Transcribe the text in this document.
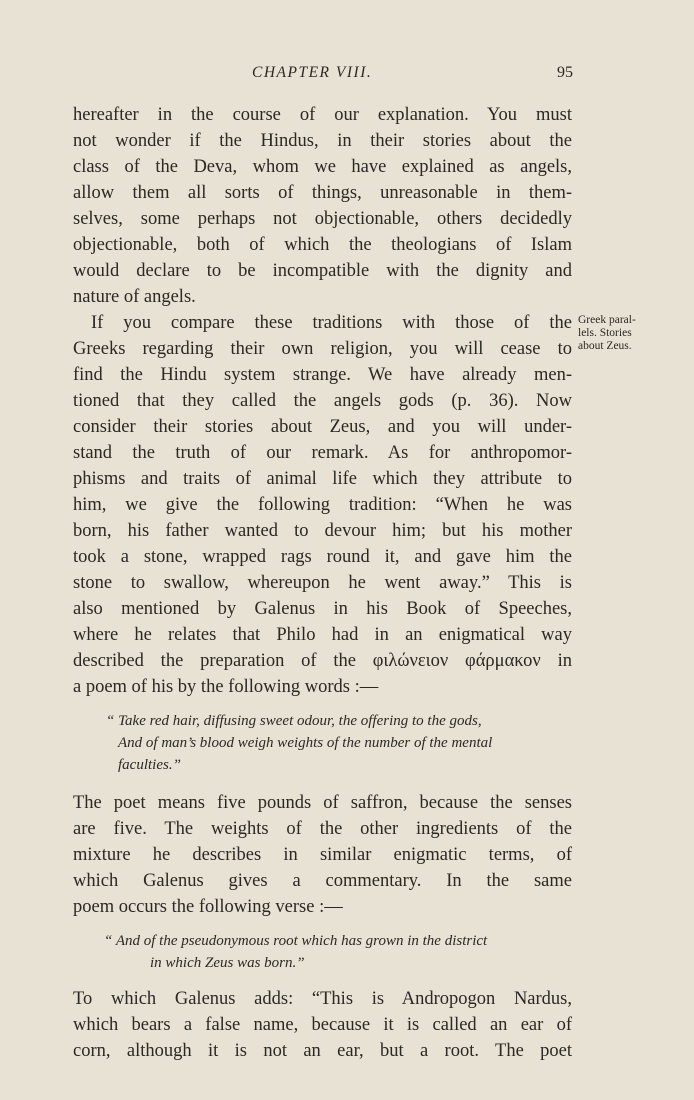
CHAPTER VIII.	95
hereafter in the course of our explanation. You must
not wonder if the Hindus, in their stories about the
class of the Deva, whom we have explained as angels,
allow them all sorts of things, unreasonable in them-
selves, some perhaps not objectionable, others decidedly
objectionable, both of which the theologians of Islam
would declare to be incompatible with the dignity and
nature of angels.
If you compare these traditions with those of the
Greeks regarding their own religion, you will cease to
find the Hindu system strange. We have already men-
tioned that they called the angels gods (p. 36). Now
consider their stories about Zeus, and you will under-
stand the truth of our remark. As for anthropomor-
phisms and traits of animal life which they attribute to
him, we give the following tradition: “When he was
born, his father wanted to devour him; but his mother
took a stone, wrapped rags round it, and gave him the
stone to swallow, whereupon he went away.” This is
also mentioned by Galenus in his Book of Speeches,
where he relates that Philo had in an enigmatical way
described the preparation of the φιλώνειον φάρμακον in
a poem of his by the following words :—
“ Take red hair, diffusing sweet odour, the offering to the gods,
And of man’s blood weigh weights of the number of the mental
faculties.”
The poet means five pounds of saffron, because the senses
are five. The weights of the other ingredients of the
mixture he describes in similar enigmatic terms, of
which Galenus gives a commentary. In the same
poem occurs the following verse :—
“ And of the pseudonymous root which has grown in the district
in which Zeus was born.”
To which Galenus adds: “This is Andropogon Nardus,
which bears a false name, because it is called an ear of
corn, although it is not an ear, but a root. The poet
Greek paral-
lels. Stories
about Zeus.
